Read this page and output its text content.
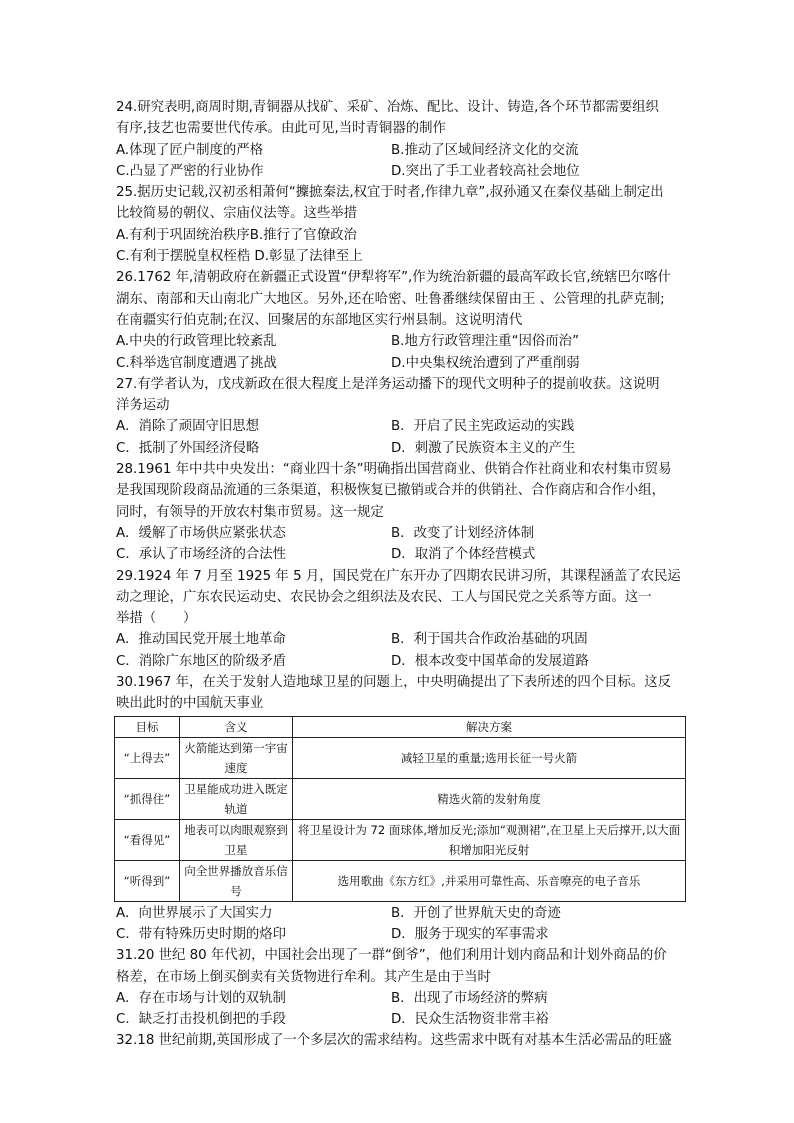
24.研究表明,商周时期,青铜器从找矿、采矿、冶炼、配比、设计、铸造,各个环节都需要组织
有序,技艺也需要世代传承。由此可见,当时青铜器的制作
A.体现了匠户制度的严格	B.推动了区域间经济文化的交流
C.凸显了严密的行业协作	D.突出了手工业者较高社会地位
25.据历史记载,汉初丞相萧何“攈摭秦法,权宜于时者,作律九章”,叔孙通又在秦仪基础上制定出
比较简易的朝仪、宗庙仪法等。这些举措
A.有利于巩固统治秩序B.推行了官僚政治
C.有利于摆脱皇权桎梏 D.彰显了法律至上
26.1762 年,清朝政府在新疆正式设置“伊犁将军”,作为统治新疆的最高军政长官,统辖巴尔喀什
湖东、南部和天山南北广大地区。另外,还在哈密、吐鲁番继续保留由王 、公管理的扎萨克制;
在南疆实行伯克制;在汉、回聚居的东部地区实行州县制。这说明清代
A.中央的行政管理比较紊乱	B.地方行政管理注重“因俗而治”
C.科举选官制度遭遇了挑战	D.中央集权统治遭到了严重削弱
27.有学者认为，戊戌新政在很大程度上是洋务运动播下的现代文明种子的提前收获。这说明
洋务运动
A．消除了顽固守旧思想	B．开启了民主宪政运动的实践
C．抵制了外国经济侵略	D．刺激了民族资本主义的产生
28.1961 年中共中央发出：“商业四十条”明确指出国营商业、供销合作社商业和农村集市贸易
是我国现阶段商品流通的三条渠道，积极恢复已撤销或合并的供销社、合作商店和合作小组，
同时，有领导的开放农村集市贸易。这一规定
A．缓解了市场供应紧张状态	B．改变了计划经济体制
C．承认了市场经济的合法性	D．取消了个体经营模式
29.1924 年 7 月至 1925 年 5 月，国民党在广东开办了四期农民讲习所，其课程涵盖了农民运
动之理论，广东农民运动史、农民协会之组织法及农民、工人与国民党之关系等方面。这一
举措（　　）
A．推动国民党开展土地革命	B．利于国共合作政治基础的巩固
C．消除广东地区的阶级矛盾	D．根本改变中国革命的发展道路
30.1967 年，在关于发射人造地球卫星的问题上，中央明确提出了下表所述的四个目标。这反
映出此时的中国航天事业
目标	含义	解决方案
“上得去”	火箭能达到第一宇宙速度	减轻卫星的重量;选用长征一号火箭
“抓得住”	卫星能成功进入既定轨道	精选火箭的发射角度
“看得见”	地表可以肉眼观察到卫星	将卫星设计为 72 面球体,增加反光;添加“观测裙”,在卫星上天后撑开,以大面积增加阳光反射
“听得到”	向全世界播放音乐信号	选用歌曲《东方红》,并采用可靠性高、乐音嘹亮的电子音乐
A．向世界展示了大国实力	B．开创了世界航天史的奇迹
C．带有特殊历史时期的烙印	D．服务于现实的军事需求
31.20 世纪 80 年代初，中国社会出现了一群“倒爷”，他们利用计划内商品和计划外商品的价
格差，在市场上倒买倒卖有关货物进行牟利。其产生是由于当时
A．存在市场与计划的双轨制	B．出现了市场经济的弊病
C．缺乏打击投机倒把的手段	D．民众生活物资非常丰裕
32.18 世纪前期,英国形成了一个多层次的需求结构。这些需求中既有对基本生活必需品的旺盛
